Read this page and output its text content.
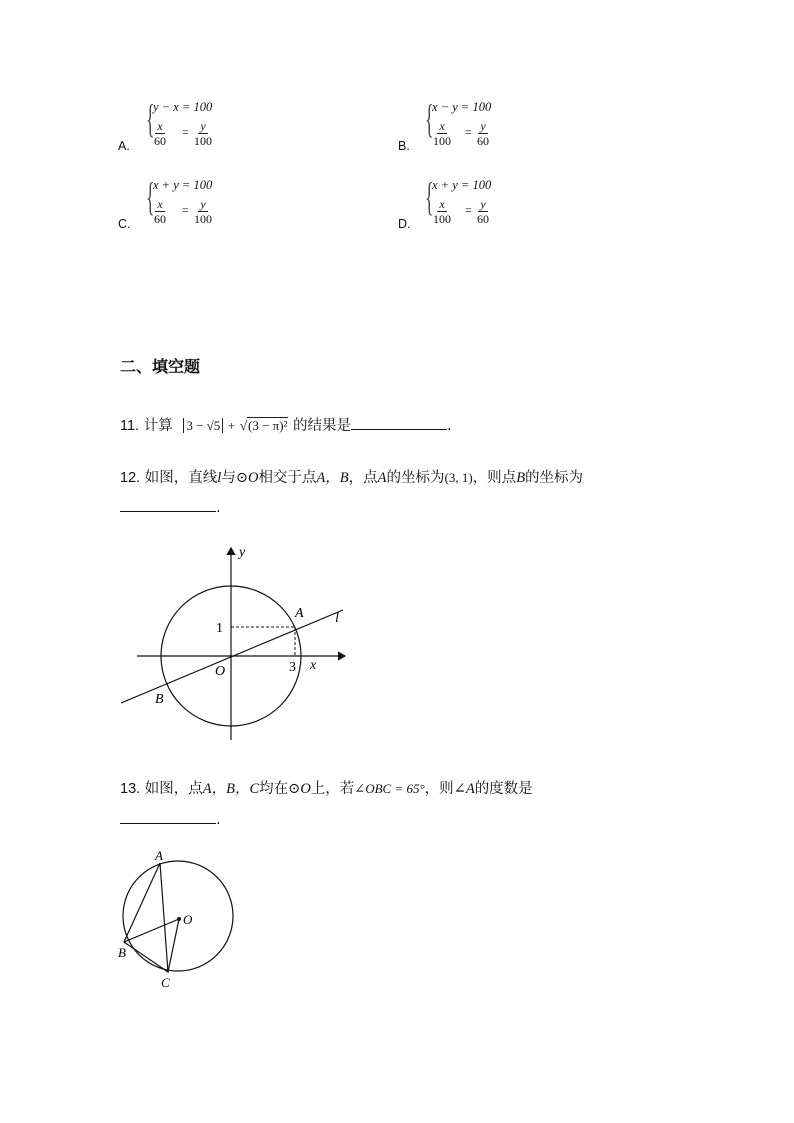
A.
{
y − x = 100
$\frac{x}{60} = \frac{y}{100}$	B.
{
x − y = 100
$\frac{x}{100} = \frac{y}{60}$
C.
{
x + y = 100
$\frac{x}{60} = \frac{y}{100}$	D.
{
x + y = 100
$\frac{x}{100} = \frac{y}{60}$
二、填空题
11. 计算 3 − √5 + √(3 − π)² 的结果是	.
12. 如图，直线l与⊙O相交于点A，B，点A的坐标为(3, 1)，则点B的坐标为
.
y
x
A l
1
3
O
B
13. 如图，点A，B，C均在⊙O上，若∠OBC = 65°，则∠A的度数是
.
A
O
B
C
